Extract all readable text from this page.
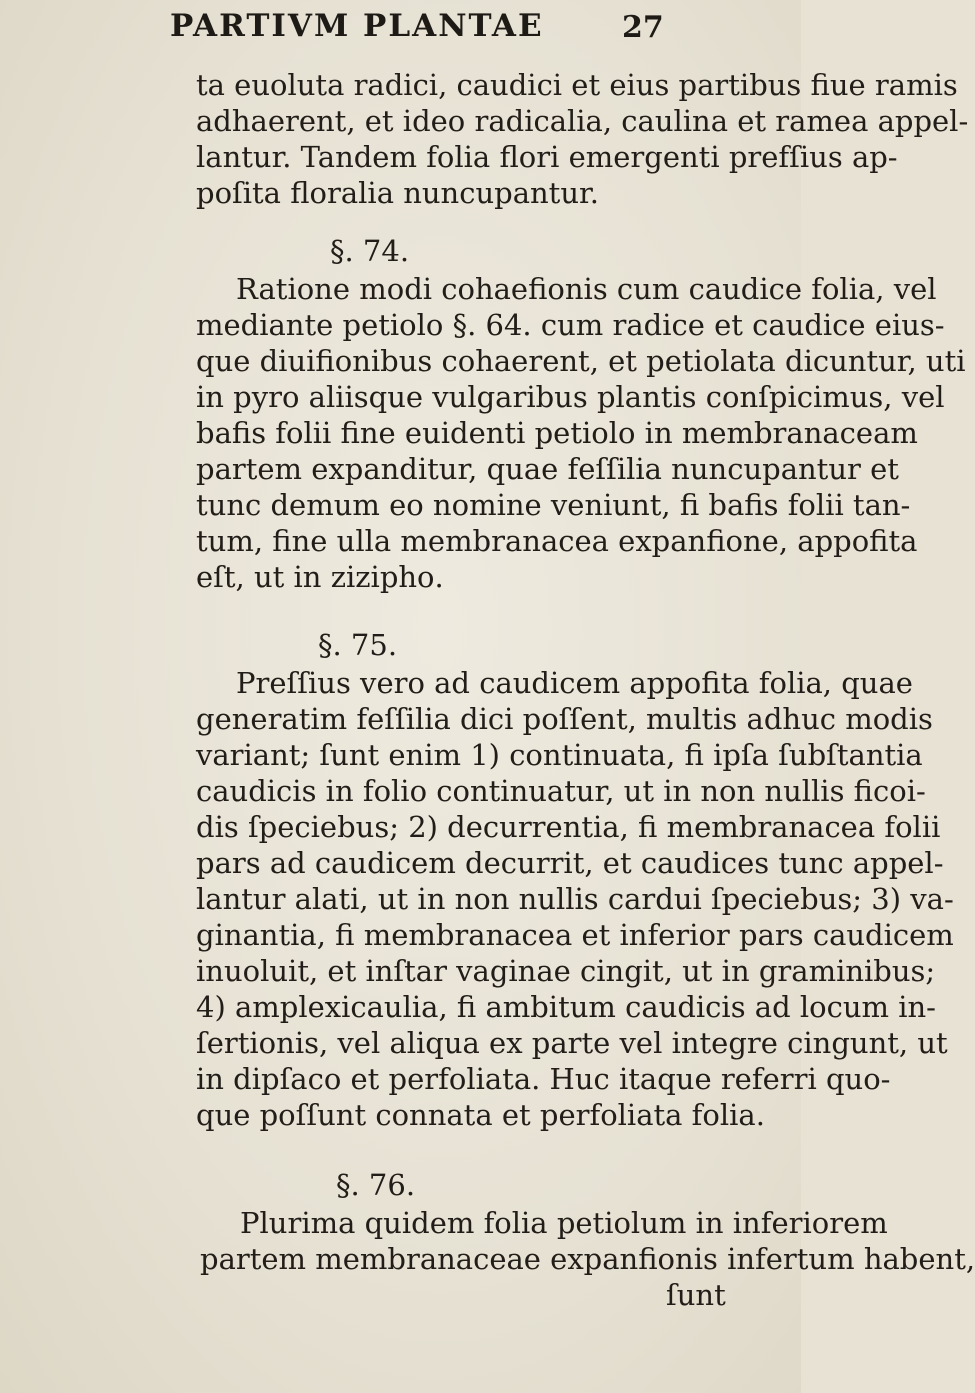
PARTIVM PLANTAE	27
ta euoluta radici, caudici et eius partibus fiue ramis
adhaerent, et ideo radicalia, caulina et ramea appel-
lantur. Tandem folia flori emergenti prefſius ap-
poſita floralia nuncupantur.
§. 74.
Ratione modi cohaefionis cum caudice folia, vel
mediante petiolo §. 64. cum radice et caudice eius-
que diuifionibus cohaerent, et petiolata dicuntur, uti
in pyro aliisque vulgaribus plantis conſpicimus, vel
bafis folii fine euidenti petiolo in membranaceam
partem expanditur, quae feſſilia nuncupantur et
tunc demum eo nomine veniunt, fi bafis folii tan-
tum, fine ulla membranacea expanfione, appofita
eſt, ut in ziziphо.
§. 75.
Preſſius vero ad caudicem appofita folia, quae
generatim feſſilia dici poſſent, multis adhuc modis
variant; ſunt enim 1) continuata, fi ipſa ſubſtantia
caudicis in folio continuatur, ut in non nullis ficoi-
dis ſpeciebus; 2) decurrentia, fi membranacea folii
pars ad caudicem decurrit, et caudices tunc appel-
lantur alati, ut in non nullis cardui ſpeciebus; 3) va-
ginantia, fi membranacea et inferior pars caudicem
inuoluit, et inſtar vaginae cingit, ut in graminibus;
4) amplexicaulia, fi ambitum caudicis ad locum in-
ſertionis, vel aliqua ex parte vel integre cingunt, ut
in dipſaco et perfoliata. Huc itaque referri quo-
que poſſunt connata et perfoliata folia.
§. 76.
Plurima quidem folia petiolum in inferiorem
partem membranaceae expanfionis infertum habent,
ſunt
